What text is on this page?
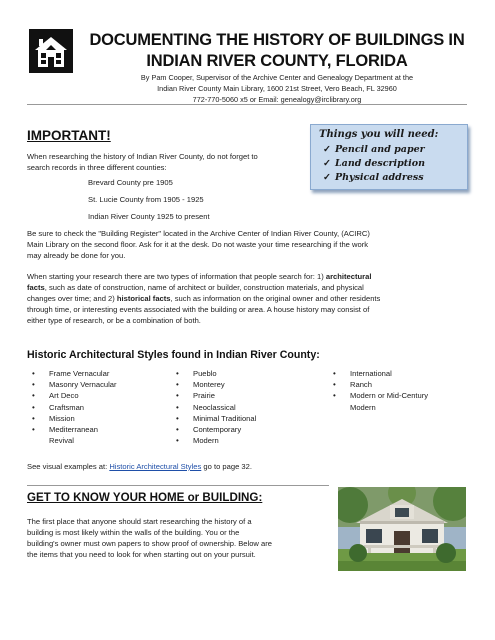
DOCUMENTING THE HISTORY OF BUILDINGS IN
INDIAN RIVER COUNTY, FLORIDA
By Pam Cooper, Supervisor of the Archive Center and Genealogy Department at the
Indian River County Main Library, 1600 21st Street, Vero Beach, FL 32960
772-770-5060 x5 or Email: genealogy@irclibrary.org
IMPORTANT!
When researching the history of Indian River County, do not forget to
search records in three different counties:
Brevard County pre 1905
St. Lucie County from 1905 - 1925
Indian River County 1925 to present
Things you will need:
✓ Pencil and paper
✓ Land description
✓ Physical address
Be sure to check the "Building Register" located in the Archive Center of Indian River County, (ACIRC)
Main Library on the second floor. Ask for it at the desk. Do not waste your time researching if the work
may already be done for you.
When starting your research there are two types of information that people search for: 1) architectural
facts, such as date of construction, name of architect or builder, construction materials, and physical
changes over time; and 2) historical facts, such as information on the original owner and other residents
through time, or interesting events associated with the building or area. A house history may consist of
either type of research, or be a combination of both.
Historic Architectural Styles found in Indian River County:
• Frame Vernacular
• Masonry Vernacular
• Art Deco
• Craftsman
• Mission
• Mediterranean Revival
• Pueblo
• Monterey
• Prairie
• Neoclassical
• Minimal Traditional
• Contemporary
• Modern
• International
• Ranch
• Modern or Mid-Century Modern
See visual examples at: Historic Architectural Styles go to page 32.
GET TO KNOW YOUR HOME or BUILDING:
The first place that anyone should start researching the history of a
building is most likely within the walls of the building. You or the
building's owner must own papers to show proof of ownership. Below are
the items that you need to look for when starting out on your pursuit.
